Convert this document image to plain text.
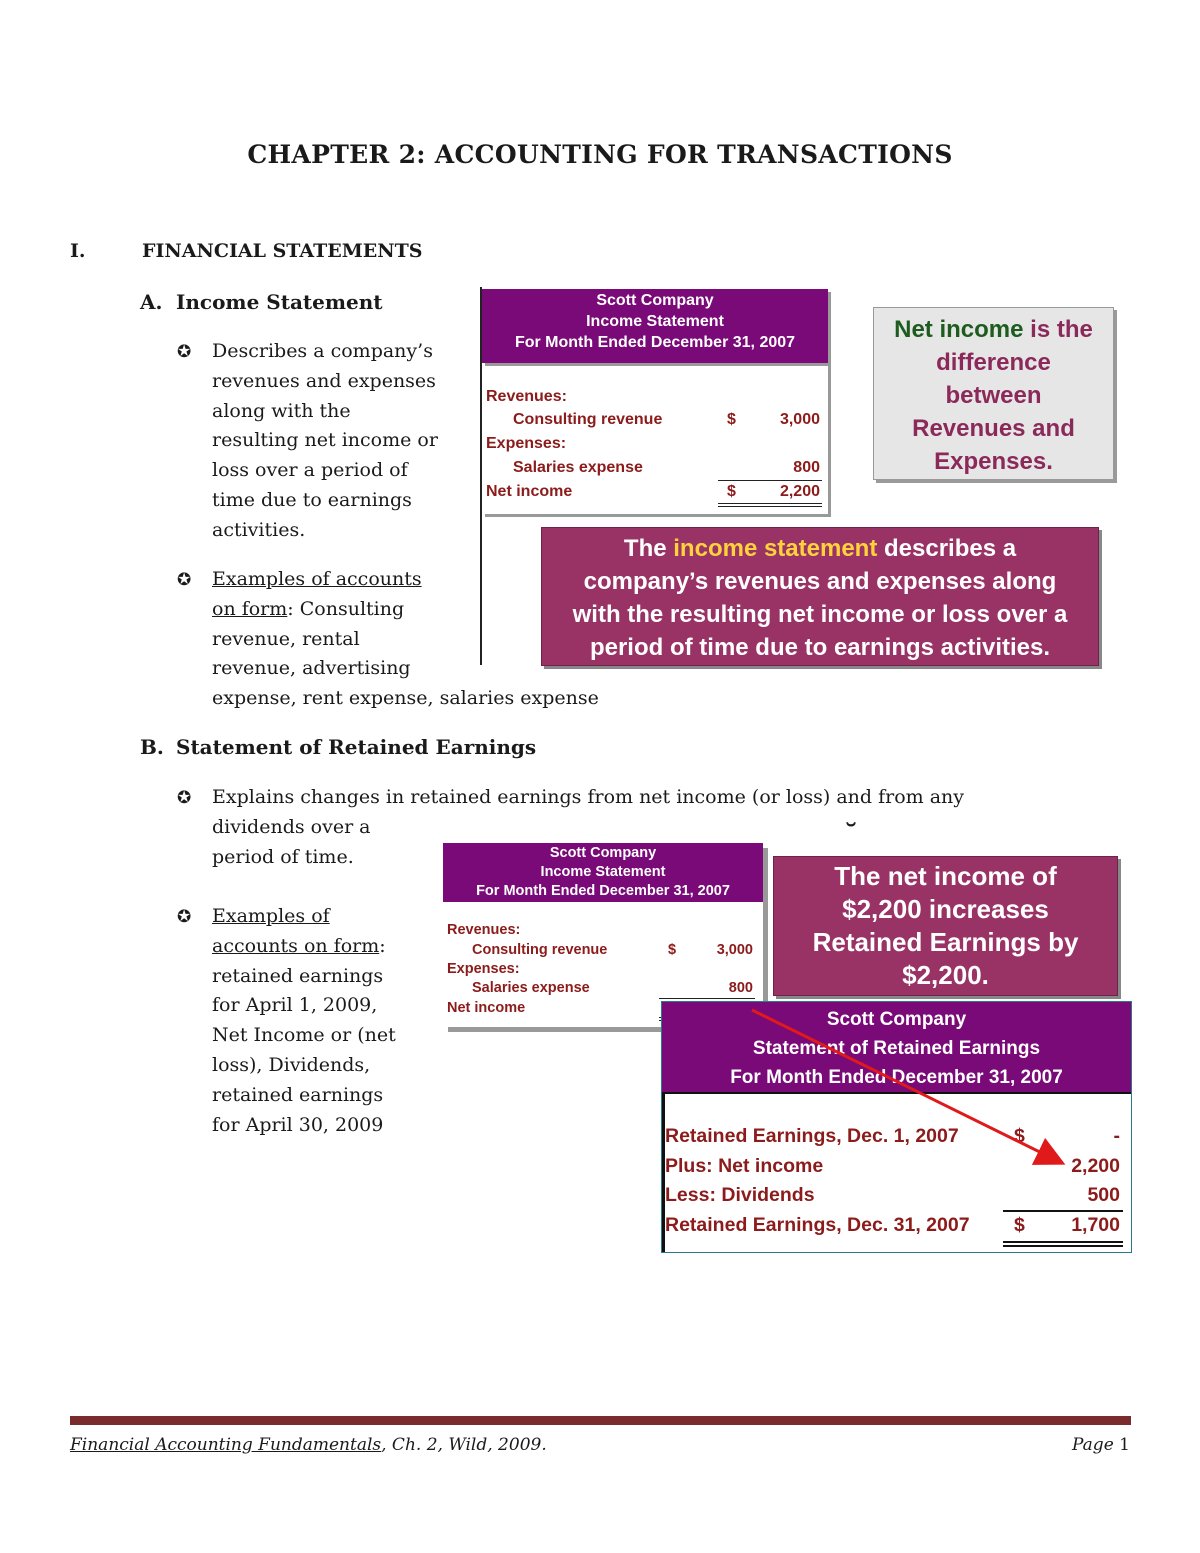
CHAPTER 2: ACCOUNTING FOR TRANSACTIONS
I.	FINANCIAL STATEMENTS
A. Income Statement
✪ Describes a company’s
revenues and expenses
along with the
resulting net income or
loss over a period of
time due to earnings
activities.
✪ Examples of accounts
on form: Consulting
revenue, rental
revenue, advertising
expense, rent expense, salaries expense
Scott Company
Income Statement
For Month Ended December 31, 2007
Revenues:
Consulting revenue	$	3,000
Expenses:
Salaries expense	800
Net income	$	2,200
Net income is the
difference
between
Revenues and
Expenses.
The income statement describes a
company’s revenues and expenses along
with the resulting net income or loss over a
period of time due to earnings activities.
B. Statement of Retained Earnings
✪ Explains changes in retained earnings from net income (or loss) and from any
dividends over a
period of time.
✪ Examples of
accounts on form:
retained earnings
for April 1, 2009,
Net Income or (net
loss), Dividends,
retained earnings
for April 30, 2009
˘
Scott Company
Income Statement
For Month Ended December 31, 2007
Revenues:
Consulting revenue	$	3,000
Expenses:
Salaries expense	800
Net income
The net income of
$2,200 increases
Retained Earnings by
$2,200.
Scott Company
Statement of Retained Earnings
For Month Ended December 31, 2007
Retained Earnings, Dec. 1, 2007	$	-
Plus: Net income	2,200
Less: Dividends	500
Retained Earnings, Dec. 31, 2007 $	1,700
Financial Accounting Fundamentals, Ch. 2, Wild, 2009.	Page 1
